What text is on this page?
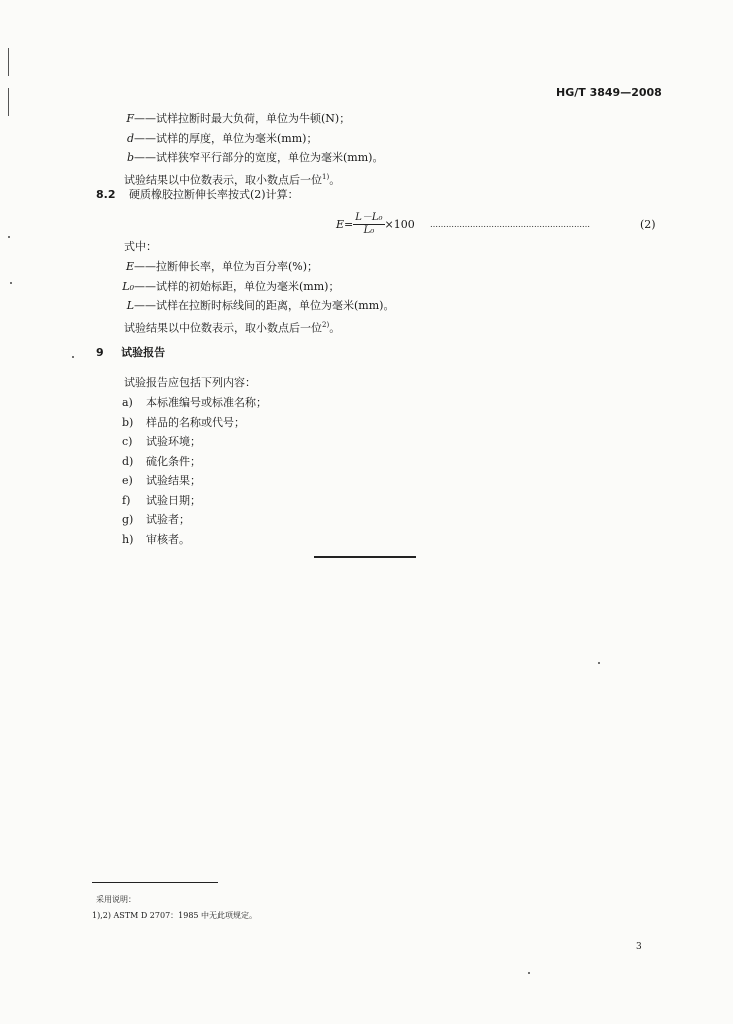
HG/T 3849—2008
F——试样拉断时最大负荷，单位为牛顿(N)；
d——试样的厚度，单位为毫米(mm)；
b——试样狭窄平行部分的宽度，单位为毫米(mm)。
试验结果以中位数表示，取小数点后一位$^{1)}$。
8.2 硬质橡胶拉断伸长率按式(2)计算：
$E= \frac{\text{L－L₀}}{\text{L₀}} \times 100$ ……………………………………………………	(2)
式中：
E——拉断伸长率，单位为百分率(%)；
L₀——试样的初始标距，单位为毫米(mm)；
L——试样在拉断时标线间的距离，单位为毫米(mm)。
试验结果以中位数表示，取小数点后一位$^{2)}$。
9 试验报告
试验报告应包括下列内容：
a) 本标准编号或标准名称；
b) 样品的名称或代号；
c) 试验环境；
d) 硫化条件；
e) 试验结果；
f) 试验日期；
g) 试验者；
h) 审核者。
采用说明：
1),2) ASTM D 2707：1985 中无此项规定。
3
